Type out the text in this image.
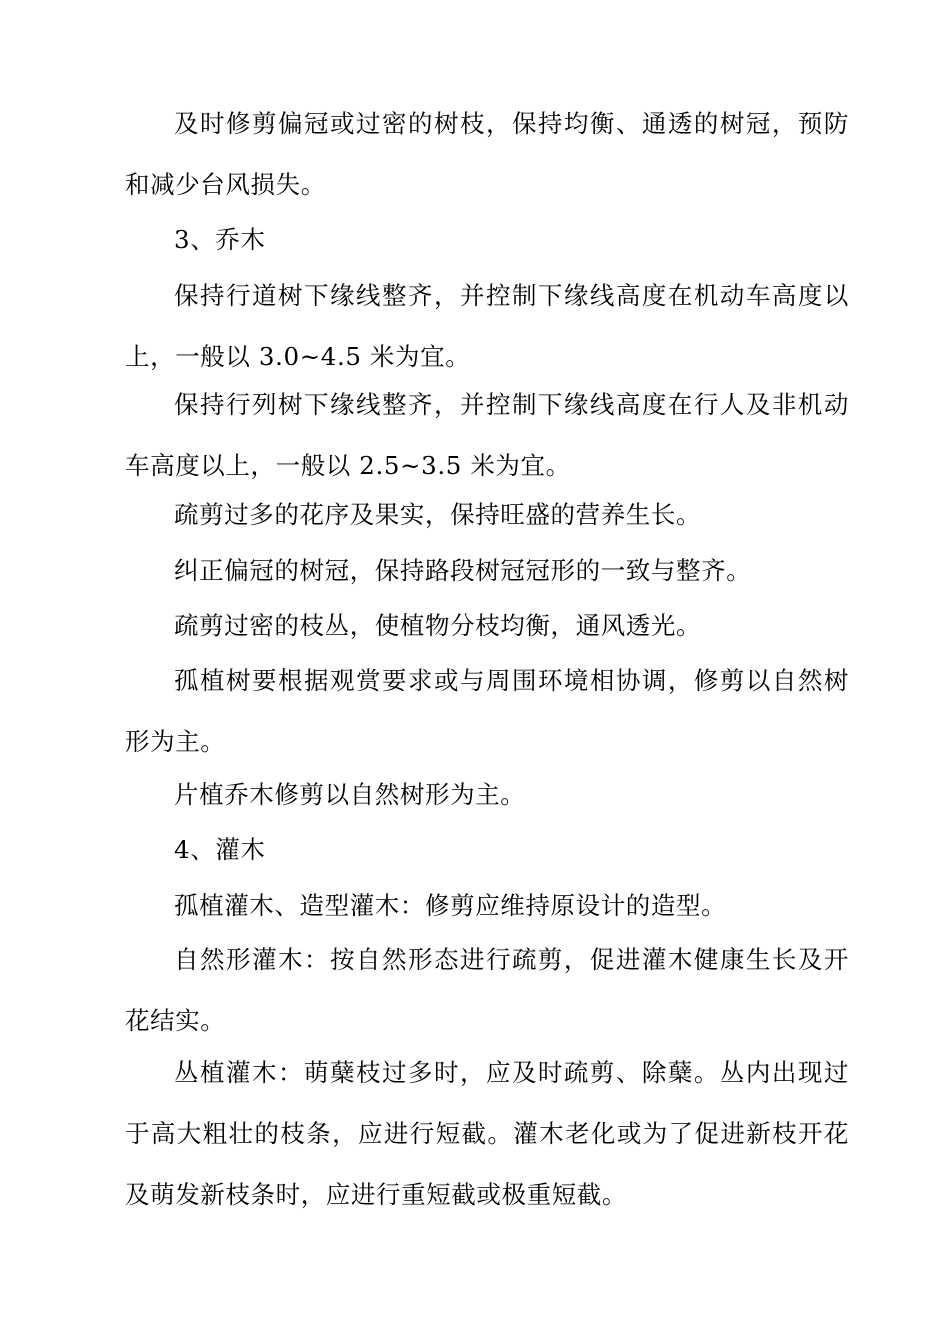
及时修剪偏冠或过密的树枝，保持均衡、通透的树冠，预防和减少台风损失。

3、乔木

保持行道树下缘线整齐，并控制下缘线高度在机动车高度以上，一般以 3.0~4.5 米为宜。

保持行列树下缘线整齐，并控制下缘线高度在行人及非机动车高度以上，一般以 2.5~3.5 米为宜。

疏剪过多的花序及果实，保持旺盛的营养生长。

纠正偏冠的树冠，保持路段树冠冠形的一致与整齐。

疏剪过密的枝丛，使植物分枝均衡，通风透光。

孤植树要根据观赏要求或与周围环境相协调，修剪以自然树形为主。

片植乔木修剪以自然树形为主。

4、灌木

孤植灌木、造型灌木：修剪应维持原设计的造型。

自然形灌木：按自然形态进行疏剪，促进灌木健康生长及开花结实。

丛植灌木：萌蘖枝过多时，应及时疏剪、除蘖。丛内出现过于高大粗壮的枝条，应进行短截。灌木老化或为了促进新枝开花及萌发新枝条时，应进行重短截或极重短截。
